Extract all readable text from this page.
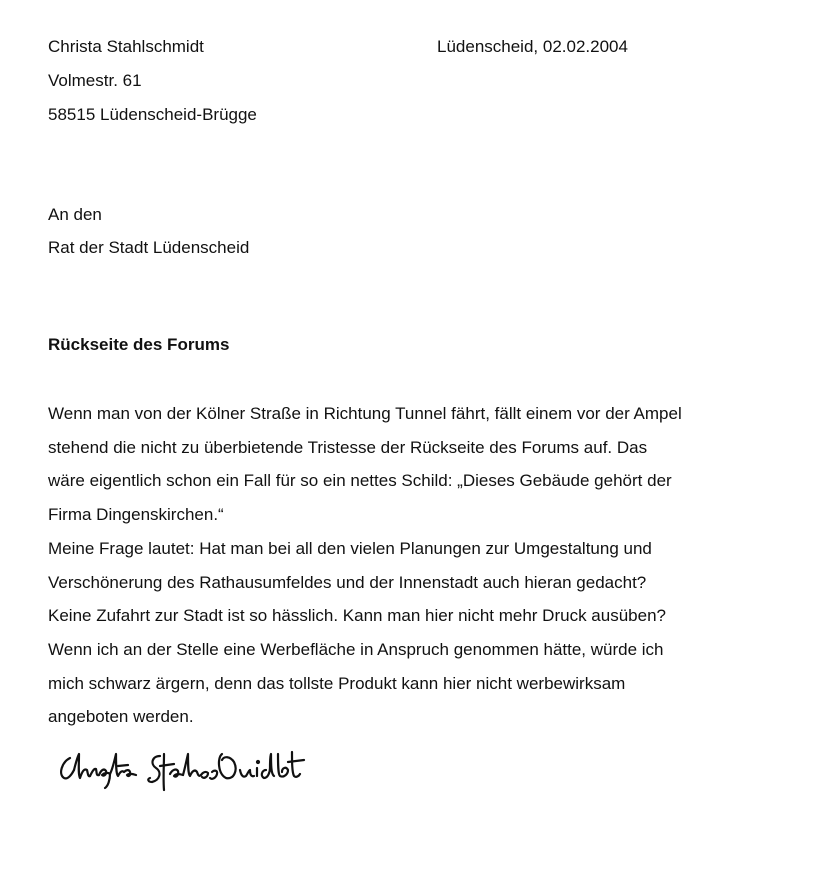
Christa Stahlschmidt
Volmestr. 61
58515 Lüdenscheid-Brügge
Lüdenscheid, 02.02.2004
An den
Rat der Stadt Lüdenscheid
Rückseite des Forums
Wenn man von der Kölner Straße in Richtung Tunnel fährt, fällt einem vor der Ampel
stehend die nicht zu überbietende Tristesse der Rückseite des Forums auf. Das
wäre eigentlich schon ein Fall für so ein nettes Schild: „Dieses Gebäude gehört der
Firma Dingenskirchen.“
Meine Frage lautet: Hat man bei all den vielen Planungen zur Umgestaltung und
Verschönerung des Rathausumfeldes und der Innenstadt auch hieran gedacht?
Keine Zufahrt zur Stadt ist so hässlich. Kann man hier nicht mehr Druck ausüben?
Wenn ich an der Stelle eine Werbefläche in Anspruch genommen hätte, würde ich
mich schwarz ärgern, denn das tollste Produkt kann hier nicht werbewirksam
angeboten werden.
